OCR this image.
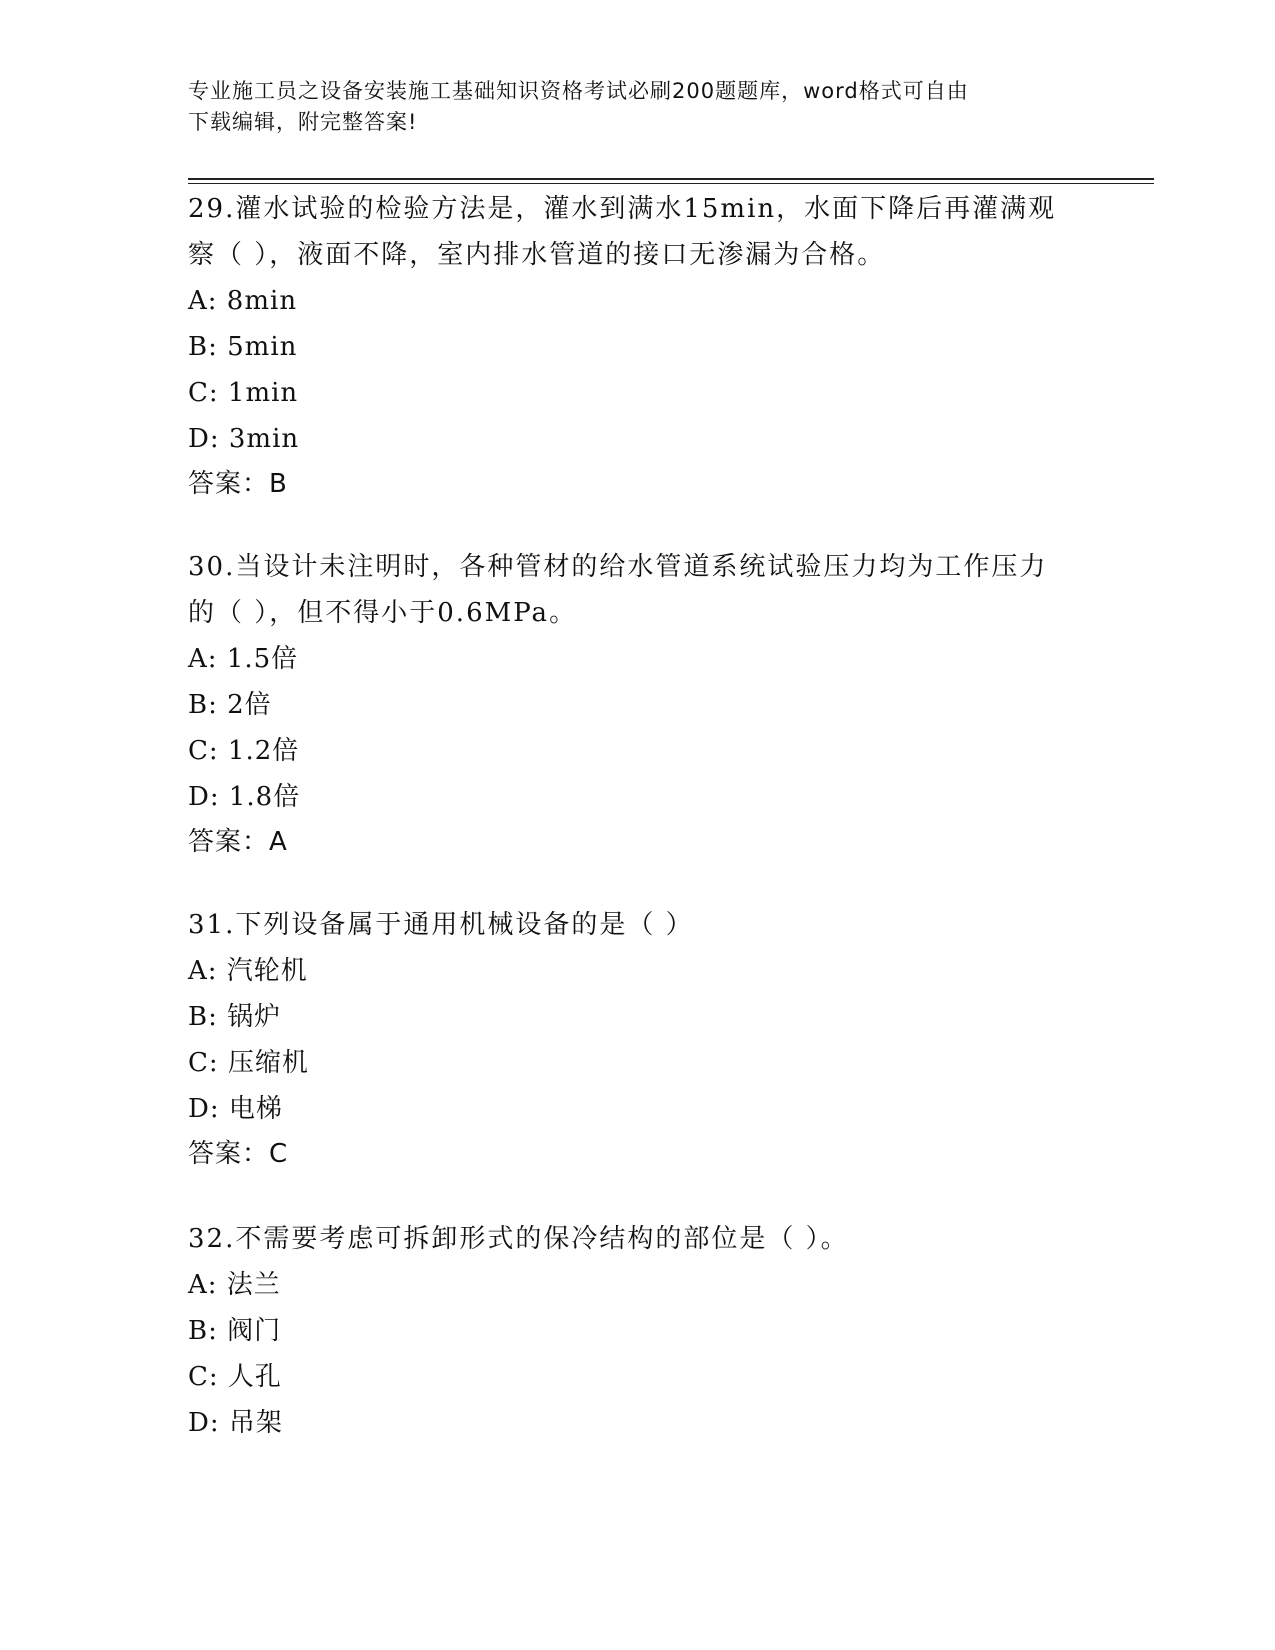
专业施工员之设备安装施工基础知识资格考试必刷200题题库，word格式可自由
下载编辑，附完整答案!

29.灌水试验的检验方法是，灌水到满水15min，水面下降后再灌满观察（ ），液面不降，室内排水管道的接口无渗漏为合格。

A: 8min

B: 5min

C: 1min

D: 3min

答案：B

30.当设计未注明时，各种管材的给水管道系统试验压力均为工作压力的（ ），但不得小于0.6MPa。

A: 1.5倍

B: 2倍

C: 1.2倍

D: 1.8倍

答案：A

31.下列设备属于通用机械设备的是（ ）

A: 汽轮机

B: 锅炉

C: 压缩机

D: 电梯

答案：C

32.不需要考虑可拆卸形式的保冷结构的部位是（ ）。

A: 法兰

B: 阀门

C: 人孔

D: 吊架
